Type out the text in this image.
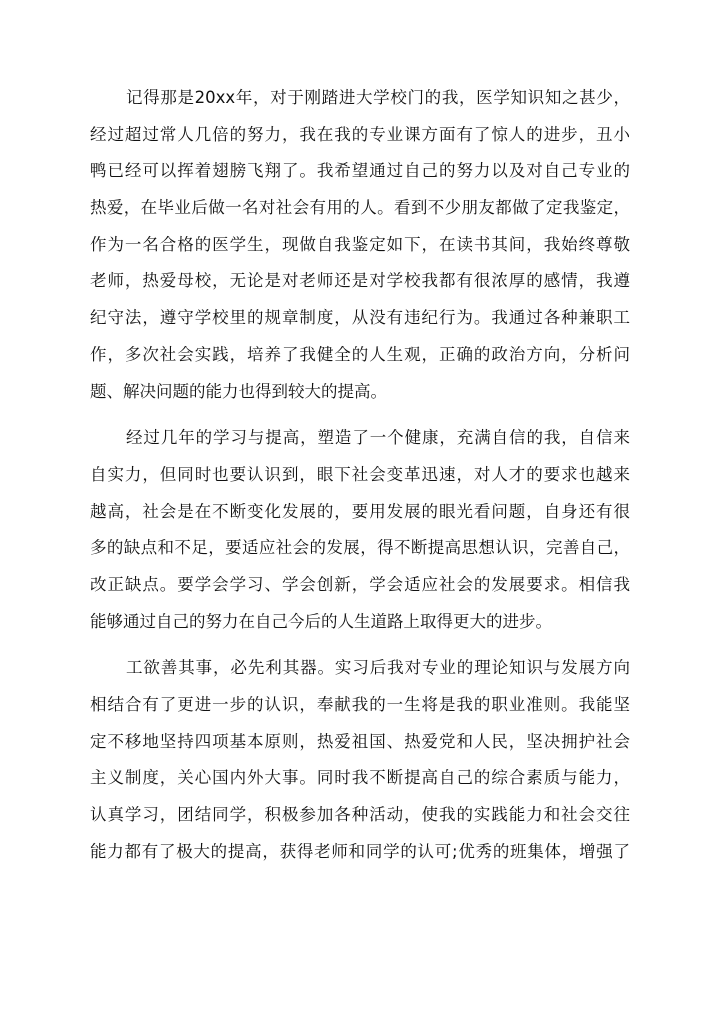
记得那是20xx年，对于刚踏进大学校门的我，医学知识知之甚少，
经过超过常人几倍的努力，我在我的专业课方面有了惊人的进步，丑小
鸭已经可以挥着翅膀飞翔了。我希望通过自己的努力以及对自己专业的
热爱，在毕业后做一名对社会有用的人。看到不少朋友都做了定我鉴定，
作为一名合格的医学生，现做自我鉴定如下，在读书其间，我始终尊敬
老师，热爱母校，无论是对老师还是对学校我都有很浓厚的感情，我遵
纪守法，遵守学校里的规章制度，从没有违纪行为。我通过各种兼职工
作，多次社会实践，培养了我健全的人生观，正确的政治方向，分析问
题、解决问题的能力也得到较大的提高。
经过几年的学习与提高，塑造了一个健康，充满自信的我，自信来
自实力，但同时也要认识到，眼下社会变革迅速，对人才的要求也越来
越高，社会是在不断变化发展的，要用发展的眼光看问题，自身还有很
多的缺点和不足，要适应社会的发展，得不断提高思想认识，完善自己，
改正缺点。要学会学习、学会创新，学会适应社会的发展要求。相信我
能够通过自己的努力在自己今后的人生道路上取得更大的进步。
工欲善其事，必先利其器。实习后我对专业的理论知识与发展方向
相结合有了更进一步的认识，奉献我的一生将是我的职业准则。我能坚
定不移地坚持四项基本原则，热爱祖国、热爱党和人民，坚决拥护社会
主义制度，关心国内外大事。同时我不断提高自己的综合素质与能力，
认真学习，团结同学，积极参加各种活动，使我的实践能力和社会交往
能力都有了极大的提高，获得老师和同学的认可;优秀的班集体，增强了
